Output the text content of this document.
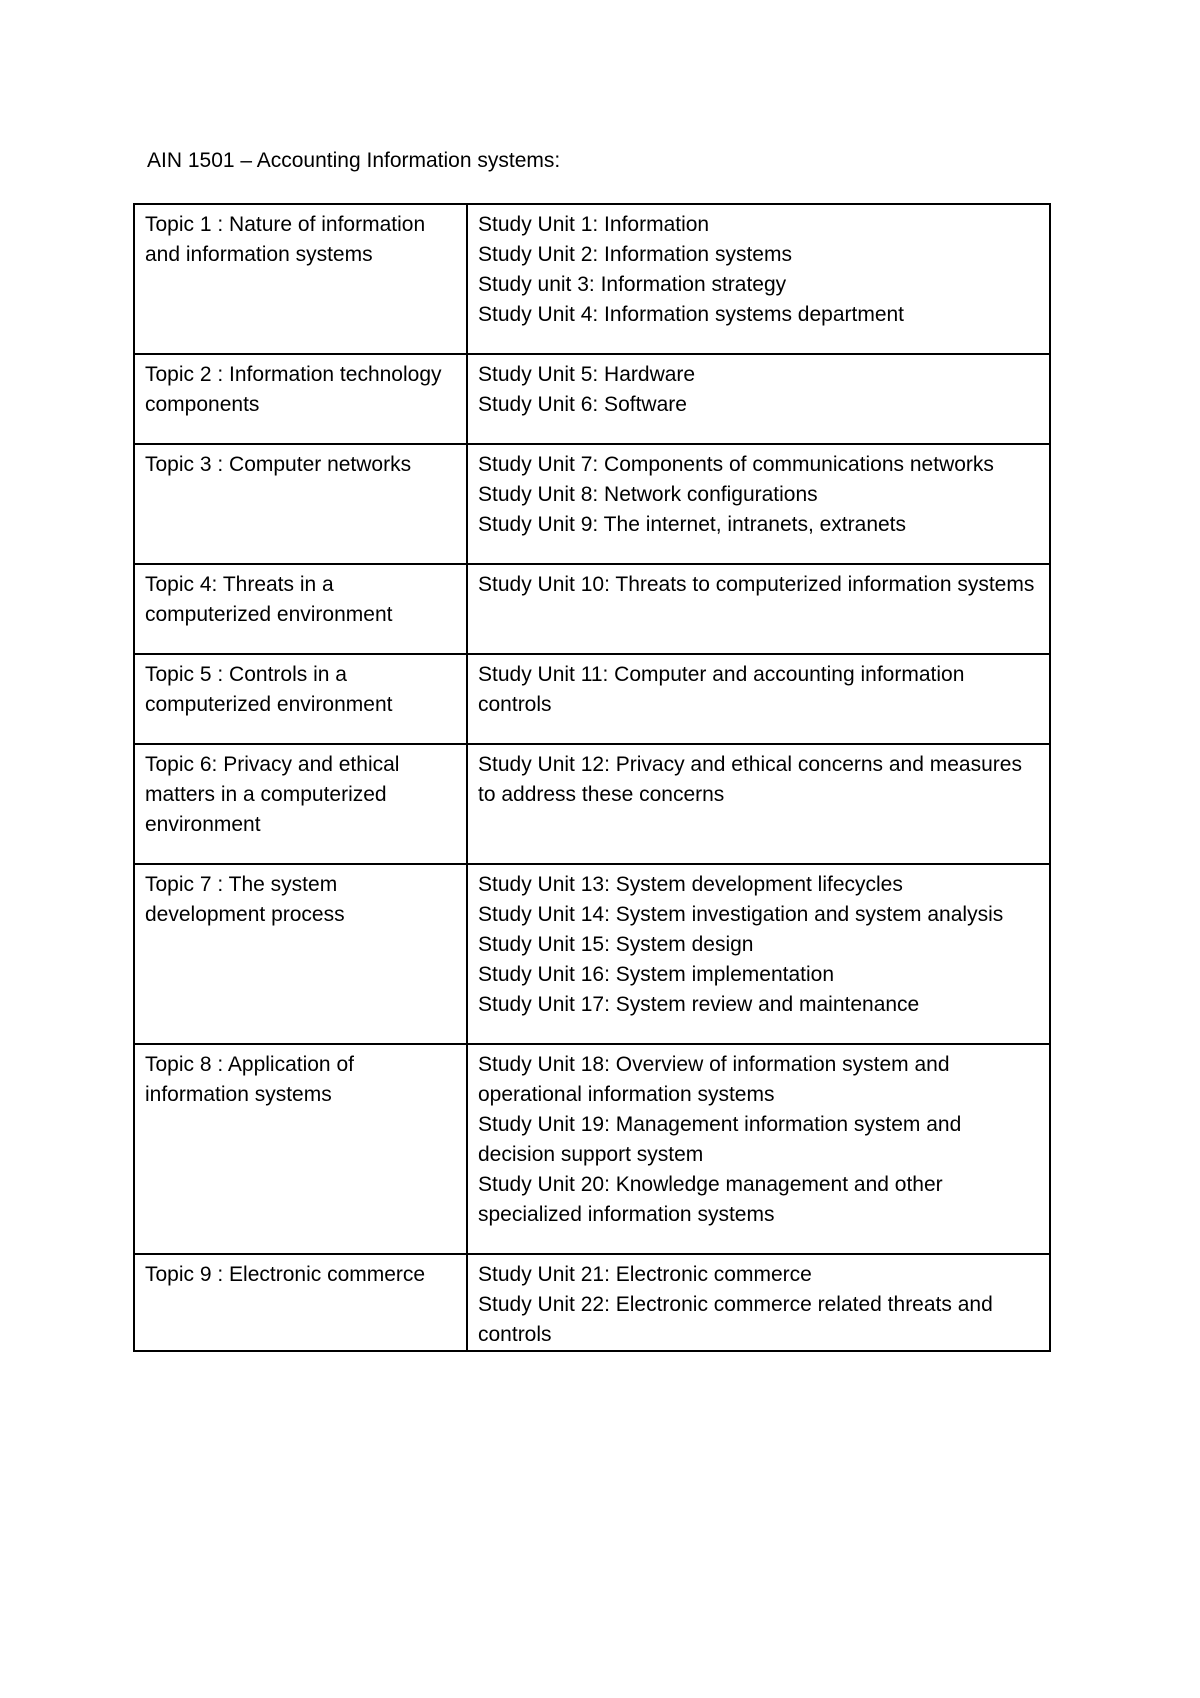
AIN 1501 – Accounting Information systems:
Topic 1 : Nature of information and information systems	Study Unit 1: Information
Study Unit 2: Information systems
Study unit 3: Information strategy
Study Unit 4: Information systems department

Topic 2 : Information technology components	Study Unit 5: Hardware
Study Unit 6: Software

Topic 3 : Computer networks	Study Unit 7: Components of communications networks
Study Unit 8: Network configurations
Study Unit 9: The internet, intranets, extranets

Topic 4: Threats in a computerized environment	Study Unit 10: Threats to computerized information systems

Topic 5 : Controls in a computerized environment	Study Unit 11: Computer and accounting information controls

Topic 6: Privacy and ethical matters in a computerized environment	Study Unit 12: Privacy and ethical concerns and measures to address these concerns

Topic 7 : The system development process	Study Unit 13: System development lifecycles
Study Unit 14: System investigation and system analysis
Study Unit 15: System design
Study Unit 16: System implementation
Study Unit 17: System review and maintenance

Topic 8 : Application of information systems	Study Unit 18: Overview of information system and operational information systems
Study Unit 19: Management information system and decision support system
Study Unit 20: Knowledge management and other specialized information systems

Topic 9 : Electronic commerce	Study Unit 21: Electronic commerce
Study Unit 22: Electronic commerce related threats and controls
